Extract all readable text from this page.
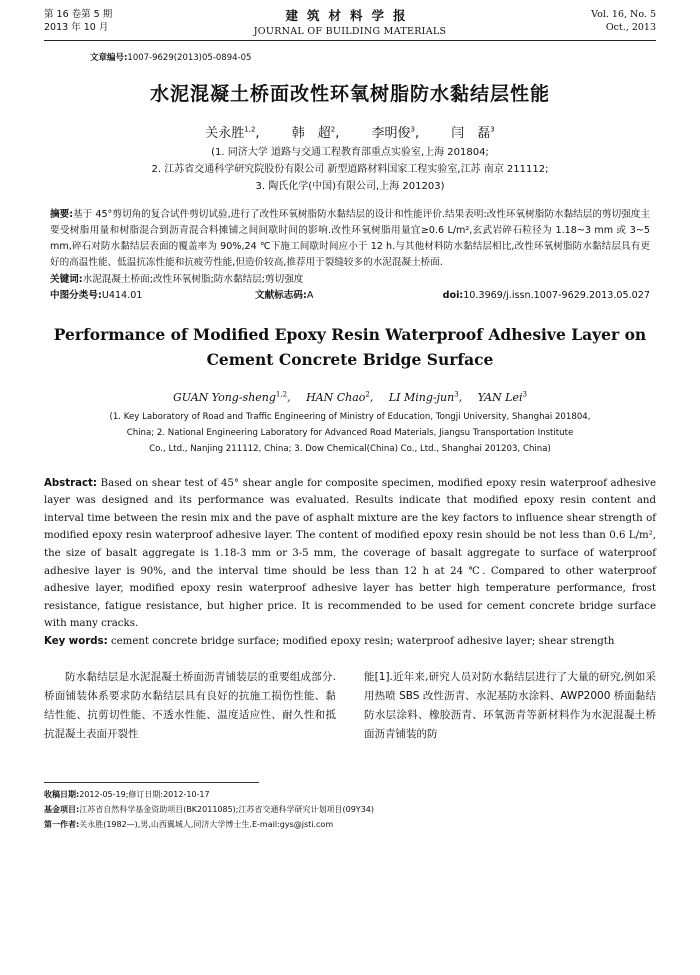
第 16 卷第 5 期
2013 年 10 月
建筑材料学报
JOURNAL OF BUILDING MATERIALS
Vol. 16, No. 5
Oct., 2013
文章编号:1007-9629(2013)05-0894-05
水泥混凝土桥面改性环氧树脂防水黏结层性能
关永胜$^{1,2}$, 韩　超$^2$, 李明俊$^3$, 闫　磊$^3$
(1. 同济大学 道路与交通工程教育部重点实验室,上海 201804;
2. 江苏省交通科学研究院股份有限公司 新型道路材料国家工程实验室,江苏 南京 211112;
3. 陶氏化学(中国)有限公司,上海 201203)
摘要:基于 45°剪切角的复合试件剪切试验,进行了改性环氧树脂防水黏结层的设计和性能评价.结果表明:改性环氧树脂防水黏结层的剪切强度主要受树脂用量和树脂混合到沥青混合料摊铺之间间歇时间的影响.改性环氧树脂用量宜≥0.6 L/m²,玄武岩碎石粒径为 1.18~3 mm 或 3~5 mm,碎石对防水黏结层表面的覆盖率为 90%,24 ℃下施工间歇时间应小于 12 h.与其他材料防水黏结层相比,改性环氧树脂防水黏结层具有更好的高温性能、低温抗冻性能和抗疲劳性能,但造价较高,推荐用于裂缝较多的水泥混凝土桥面.
关键词:水泥混凝土桥面;改性环氧树脂;防水黏结层;剪切强度
中图分类号:U414.01	文献标志码:A	doi:10.3969/j.issn.1007-9629.2013.05.027
Performance of Modified Epoxy Resin Waterproof Adhesive Layer on
Cement Concrete Bridge Surface
GUAN Yong-sheng$^{1,2}$, HAN Chao$^2$, LI Ming-jun$^3$, YAN Lei$^3$
(1. Key Laboratory of Road and Traffic Engineering of Ministry of Education, Tongji University, Shanghai 201804,
China; 2. National Engineering Laboratory for Advanced Road Materials, Jiangsu Transportation Institute
Co., Ltd., Nanjing 211112, China; 3. Dow Chemical(China) Co., Ltd., Shanghai 201203, China)
Abstract: Based on shear test of 45° shear angle for composite specimen, modified epoxy resin waterproof adhesive layer was designed and its performance was evaluated. Results indicate that modified epoxy resin content and interval time between the resin mix and the pave of asphalt mixture are the key factors to influence shear strength of modified epoxy resin waterproof adhesive layer. The content of modified epoxy resin should be not less than 0.6 L/m², the size of basalt aggregate is 1.18-3 mm or 3-5 mm, the coverage of basalt aggregate to surface of waterproof adhesive layer is 90%, and the interval time should be less than 12 h at 24 ℃. Compared to other waterproof adhesive layer, modified epoxy resin waterproof adhesive layer has better high temperature performance, frost resistance, fatigue resistance, but higher price. It is recommended to be used for cement concrete bridge surface with many cracks.
Key words: cement concrete bridge surface; modified epoxy resin; waterproof adhesive layer; shear strength
防水黏结层是水泥混凝土桥面沥青铺装层的重要组成部分.桥面铺装体系要求防水黏结层具有良好的抗施工损伤性能、黏结性能、抗剪切性能、不透水性能、温度适应性、耐久性和抵抗混凝土表面开裂性
能[1].近年来,研究人员对防水黏结层进行了大量的研究,例如采用热喷 SBS 改性沥青、水泥基防水涂料、AWP2000 桥面黏结防水层涂料、橡胶沥青、环氧沥青等新材料作为水泥混凝土桥面沥青铺装的防
收稿日期:2012-05-19;修订日期:2012-10-17
基金项目:江苏省自然科学基金资助项目(BK2011085);江苏省交通科学研究计划项目(09Y34)
第一作者:关永胜(1982—),男,山西翼城人,同济大学博士生.E-mail:gys@jsti.com
